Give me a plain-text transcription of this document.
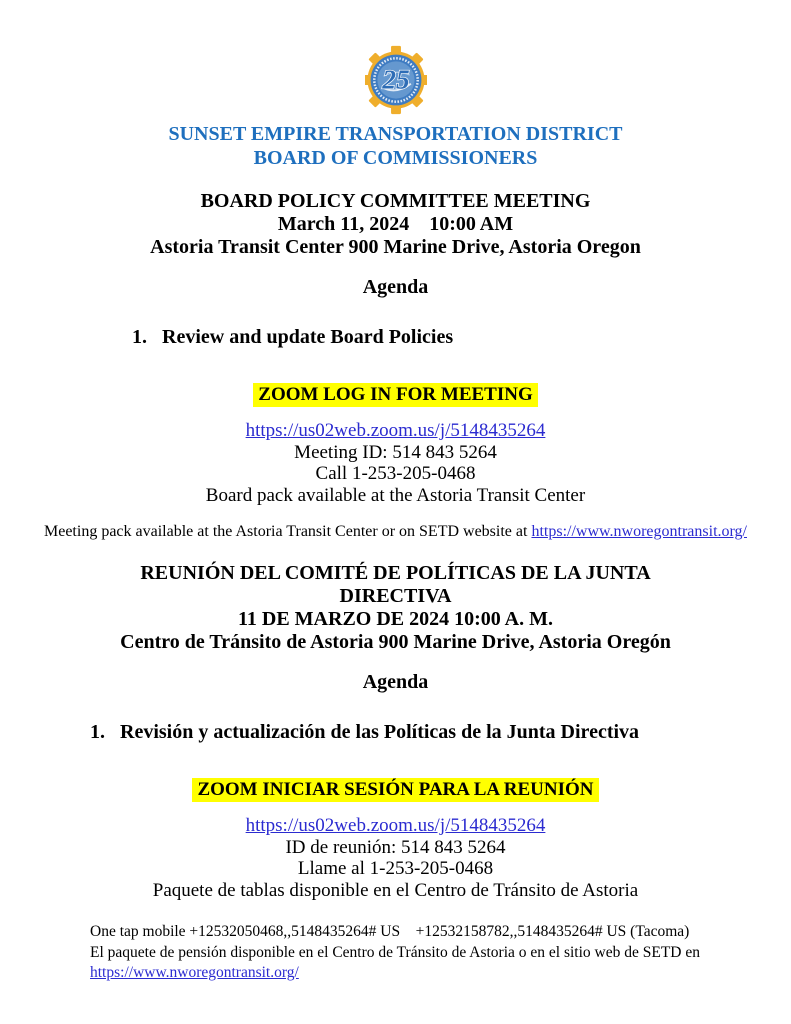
25
SUNSET EMPIRE TRANSPORTATION DISTRICT
BOARD OF COMMISSIONERS
BOARD POLICY COMMITTEE MEETING
March 11, 2024    10:00 AM
Astoria Transit Center 900 Marine Drive, Astoria Oregon
Agenda
1. Review and update Board Policies
ZOOM LOG IN FOR MEETING
https://us02web.zoom.us/j/5148435264
Meeting ID: 514 843 5264
Call 1-253-205-0468
Board pack available at the Astoria Transit Center
Meeting pack available at the Astoria Transit Center or on SETD website at https://www.nworegontransit.org/
REUNIÓN DEL COMITÉ DE POLÍTICAS DE LA JUNTA DIRECTIVA
11 DE MARZO DE 2024 10:00 A. M.
Centro de Tránsito de Astoria 900 Marine Drive, Astoria Oregón
Agenda
1. Revisión y actualización de las Políticas de la Junta Directiva
ZOOM INICIAR SESIÓN PARA LA REUNIÓN
https://us02web.zoom.us/j/5148435264
ID de reunión: 514 843 5264
Llame al 1-253-205-0468
Paquete de tablas disponible en el Centro de Tránsito de Astoria
One tap mobile +12532050468,,5148435264# US    +12532158782,,5148435264# US (Tacoma)
El paquete de pensión disponible en el Centro de Tránsito de Astoria o en el sitio web de SETD en
https://www.nworegontransit.org/
